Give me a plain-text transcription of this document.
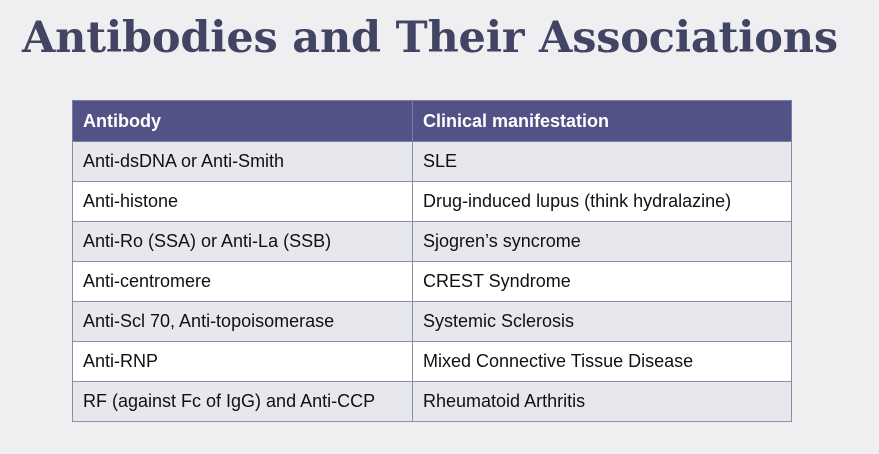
Antibodies and Their Associations
Antibody	Clinical manifestation
Anti-dsDNA or Anti-Smith	SLE
Anti-histone	Drug-induced lupus (think hydralazine)
Anti-Ro (SSA) or Anti-La (SSB)	Sjogren’s syncrome
Anti-centromere	CREST Syndrome
Anti-Scl 70, Anti-topoisomerase	Systemic Sclerosis
Anti-RNP	Mixed Connective Tissue Disease
RF (against Fc of IgG) and Anti-CCP	Rheumatoid Arthritis
